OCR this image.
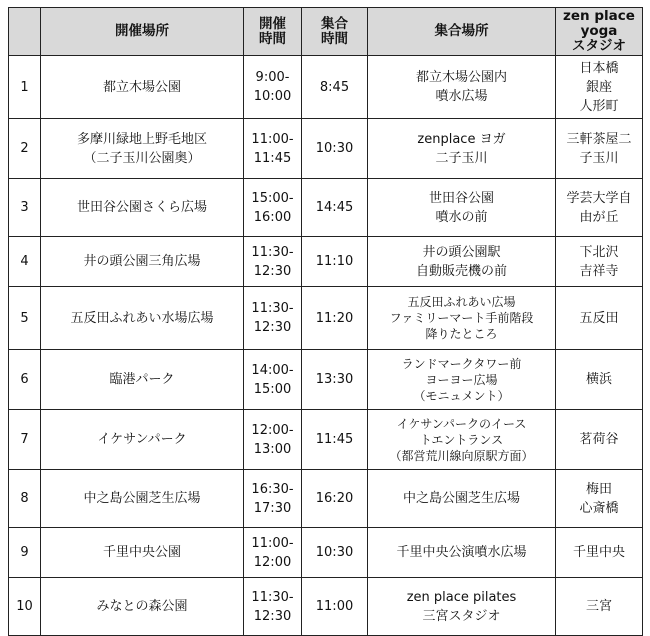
	開催場所	開催
時間	集合
時間	集合場所	zen place
yoga
スタジオ

1	都立木場公園	9:00-
10:00	8:45	都立木場公園内
噴水広場	日本橋
銀座
人形町

2	多摩川緑地上野毛地区
（二子玉川公園奥）	11:00-
11:45	10:30	zenplace ヨガ
二子玉川	三軒茶屋二
子玉川

3	世田谷公園さくら広場	15:00-
16:00	14:45	世田谷公園
噴水の前	学芸大学自
由が丘

4	井の頭公園三角広場	11:30-
12:30	11:10	井の頭公園駅
自動販売機の前	下北沢
吉祥寺

5	五反田ふれあい水場広場	11:30-
12:30	11:20	五反田ふれあい広場
ファミリーマート手前階段
降りたところ	五反田

6	臨港パーク	14:00-
15:00	13:30	ランドマークタワー前
ヨーヨー広場
（モニュメント）	横浜

7	イケサンパーク	12:00-
13:00	11:45	イケサンパークのイース
トエントランス
（都営荒川線向原駅方面）	茗荷谷

8	中之島公園芝生広場	16:30-
17:30	16:20	中之島公園芝生広場	梅田
心斎橋

9	千里中央公園	11:00-
12:00	10:30	千里中央公演噴水広場	千里中央

10	みなとの森公園	11:30-
12:30	11:00	zen place pilates
三宮スタジオ	三宮
